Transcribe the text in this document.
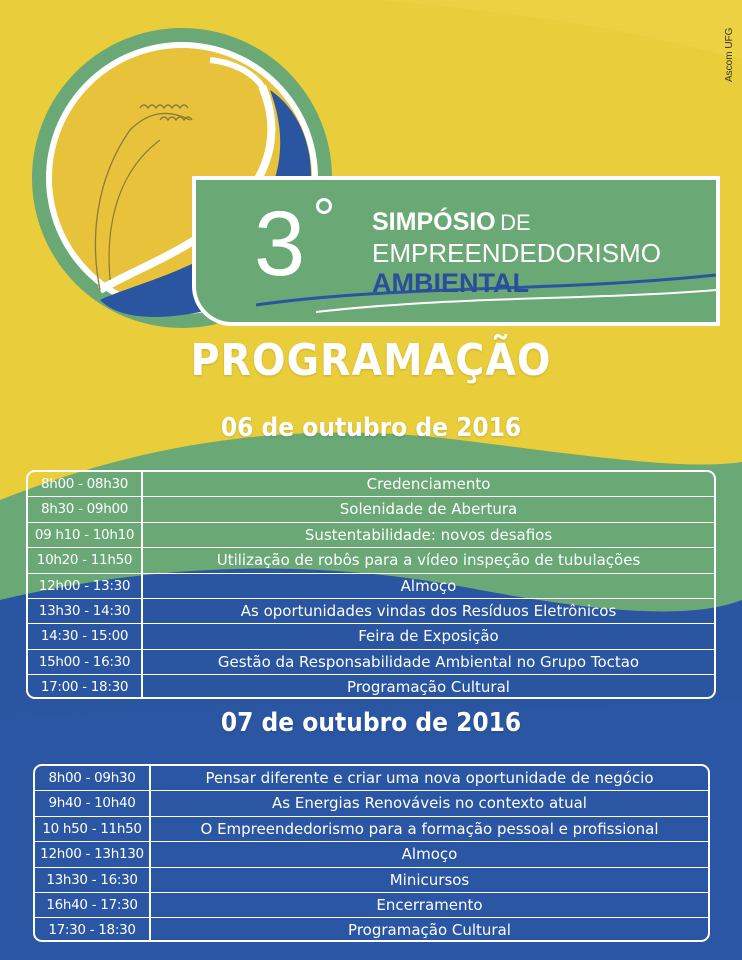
Ascom UFG
3	SIMPÓSIO DE
EMPREENDEDORISMO
AMBIENTAL
PROGRAMAÇÃO
06 de outubro de 2016
8h00 - 08h30	Credenciamento
8h30 - 09h00	Solenidade de Abertura
09 h10 - 10h10	Sustentabilidade: novos desafios
10h20 - 11h50	Utilização de robôs para a vídeo inspeção de tubulações
12h00 - 13:30	Almoço
13h30 - 14:30	As oportunidades vindas dos Resíduos Eletrônicos
14:30 - 15:00	Feira de Exposição
15h00 - 16:30	Gestão da Responsabilidade Ambiental no Grupo Toctao
17:00 - 18:30	Programação Cultural
07 de outubro de 2016
8h00 - 09h30	Pensar diferente e criar uma nova oportunidade de negócio
9h40 - 10h40	As Energias Renováveis no contexto atual
10 h50 - 11h50	O Empreendedorismo para a formação pessoal e profissional
12h00 - 13h130	Almoço
13h30 - 16:30	Minicursos
16h40 - 17:30	Encerramento
17:30 - 18:30	Programação Cultural
